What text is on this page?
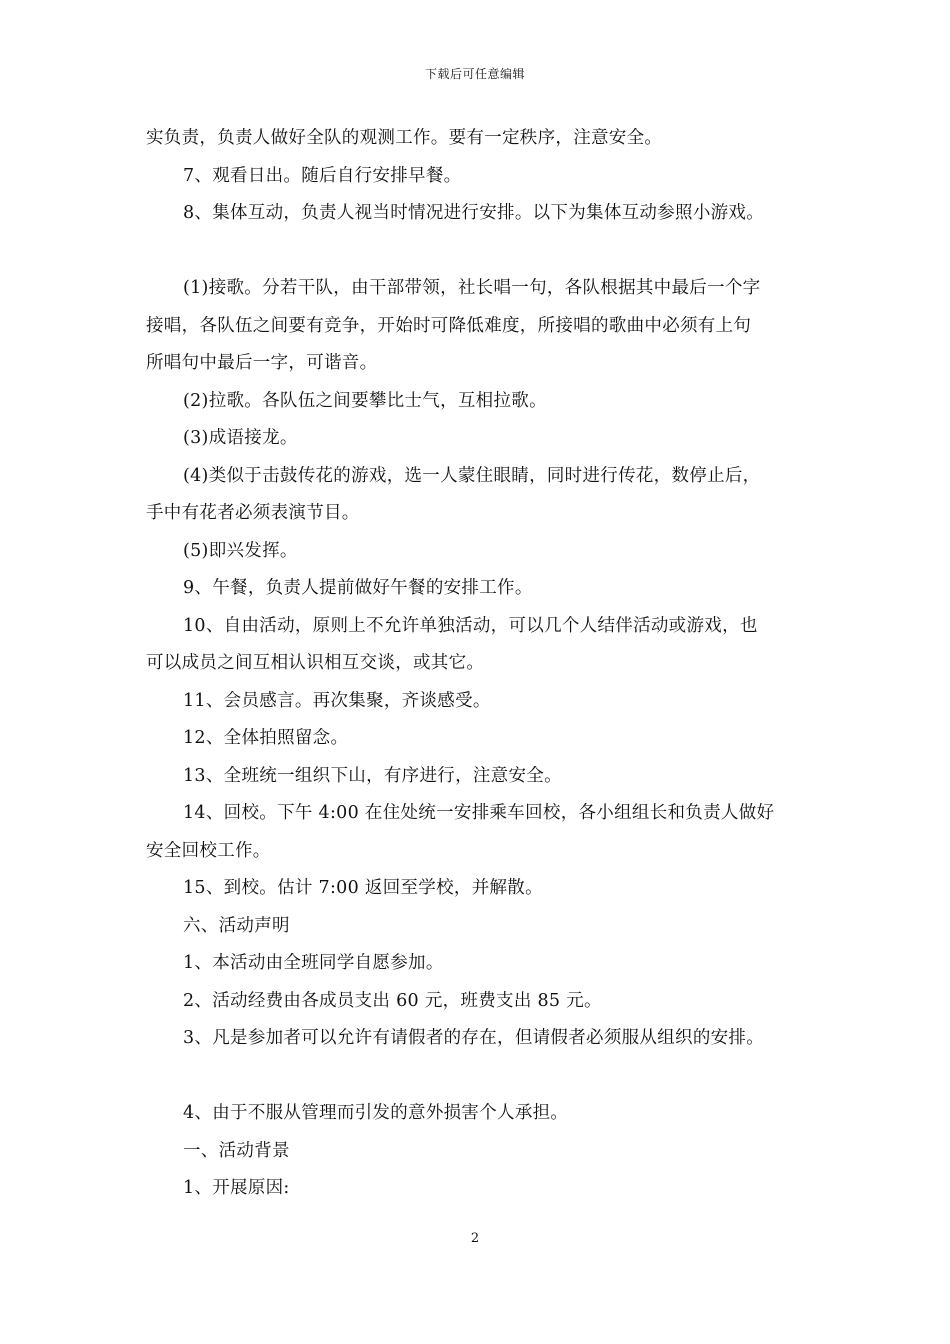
下载后可任意编辑
实负责，负责人做好全队的观测工作。要有一定秩序，注意安全。
7、观看日出。随后自行安排早餐。
8、集体互动，负责人视当时情况进行安排。以下为集体互动参照小游戏。
(1)接歌。分若干队，由干部带领，社长唱一句，各队根据其中最后一个字
接唱，各队伍之间要有竞争，开始时可降低难度，所接唱的歌曲中必须有上句
所唱句中最后一字，可谐音。
(2)拉歌。各队伍之间要攀比士气，互相拉歌。
(3)成语接龙。
(4)类似于击鼓传花的游戏，选一人蒙住眼睛，同时进行传花，数停止后，
手中有花者必须表演节目。
(5)即兴发挥。
9、午餐，负责人提前做好午餐的安排工作。
10、自由活动，原则上不允许单独活动，可以几个人结伴活动或游戏，也
可以成员之间互相认识相互交谈，或其它。
11、会员感言。再次集聚，齐谈感受。
12、全体拍照留念。
13、全班统一组织下山，有序进行，注意安全。
14、回校。下午 4:00 在住处统一安排乘车回校，各小组组长和负责人做好
安全回校工作。
15、到校。估计 7:00 返回至学校，并解散。
六、活动声明
1、本活动由全班同学自愿参加。
2、活动经费由各成员支出 60 元，班费支出 85 元。
3、凡是参加者可以允许有请假者的存在，但请假者必须服从组织的安排。
4、由于不服从管理而引发的意外损害个人承担。
一、活动背景
1、开展原因:
2
